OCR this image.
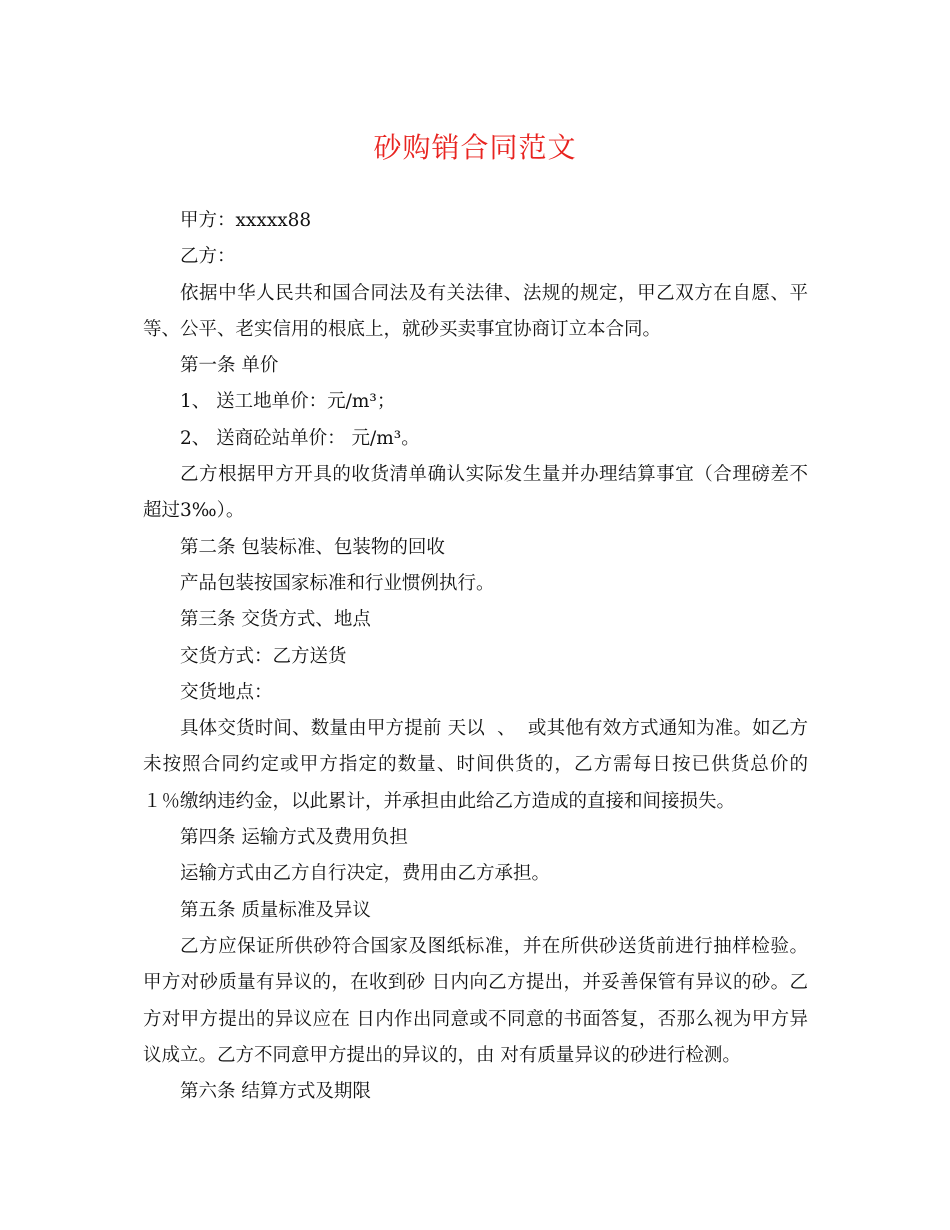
砂购销合同范文

甲方：xxxxx88

乙方：

依据中华人民共和国合同法及有关法律、法规的规定，甲乙双方在自愿、平等、公平、老实信用的根底上，就砂买卖事宜协商订立本合同。

第一条 单价

1、 送工地单价：元/m³；

2、 送商砼站单价： 元/m³。

乙方根据甲方开具的收货清单确认实际发生量并办理结算事宜（合理磅差不超过3‰）。

第二条 包装标准、包装物的回收

产品包装按国家标准和行业惯例执行。

第三条 交货方式、地点

交货方式：乙方送货

交货地点：

具体交货时间、数量由甲方提前 天以  、  或其他有效方式通知为准。如乙方未按照合同约定或甲方指定的数量、时间供货的，乙方需每日按已供货总价的１％缴纳违约金，以此累计，并承担由此给乙方造成的直接和间接损失。

第四条 运输方式及费用负担

运输方式由乙方自行决定，费用由乙方承担。

第五条 质量标准及异议

乙方应保证所供砂符合国家及图纸标准，并在所供砂送货前进行抽样检验。甲方对砂质量有异议的，在收到砂 日内向乙方提出，并妥善保管有异议的砂。乙方对甲方提出的异议应在 日内作出同意或不同意的书面答复，否那么视为甲方异议成立。乙方不同意甲方提出的异议的，由 对有质量异议的砂进行检测。

第六条 结算方式及期限
